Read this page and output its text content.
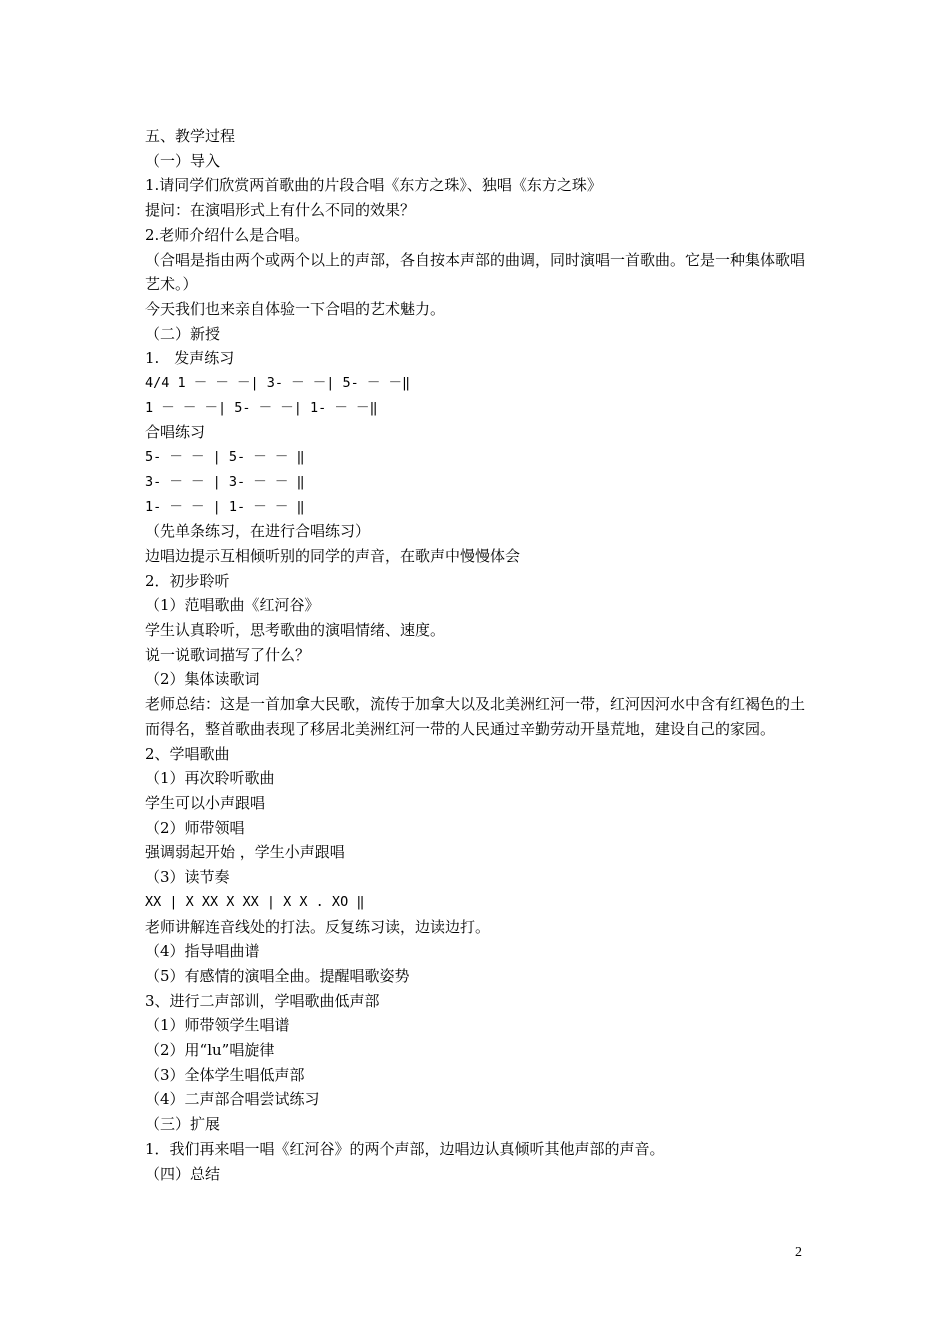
五、教学过程
（一）导入
1.请同学们欣赏两首歌曲的片段合唱《东方之珠》、独唱《东方之珠》
提问：在演唱形式上有什么不同的效果？
2.老师介绍什么是合唱。
（合唱是指由两个或两个以上的声部，各自按本声部的曲调，同时演唱一首歌曲。它是一种集体歌唱艺术。）
今天我们也来亲自体验一下合唱的艺术魅力。
（二）新授
1.　发声练习
4/4 1 － － －| 3- － －| 5- － －‖
1 － － －| 5- － －| 1- － －‖
合唱练习
5- － － | 5- － － ‖
3- － － | 3- － － ‖
1- － － | 1- － － ‖
（先单条练习，在进行合唱练习）
边唱边提示互相倾听别的同学的声音，在歌声中慢慢体会
2．初步聆听
（1）范唱歌曲《红河谷》
学生认真聆听，思考歌曲的演唱情绪、速度。
说一说歌词描写了什么？
（2）集体读歌词
老师总结：这是一首加拿大民歌，流传于加拿大以及北美洲红河一带，红河因河水中含有红褐色的土而得名，整首歌曲表现了移居北美洲红河一带的人民通过辛勤劳动开垦荒地，建设自己的家园。
2、学唱歌曲
（1）再次聆听歌曲
学生可以小声跟唱
（2）师带领唱
强调弱起开始 ，学生小声跟唱
（3）读节奏
XX | X XX X XX | X X . XO ‖
老师讲解连音线处的打法。反复练习读，边读边打。
（4）指导唱曲谱
（5）有感情的演唱全曲。提醒唱歌姿势
3、进行二声部训，学唱歌曲低声部
（1）师带领学生唱谱
（2）用“lu”唱旋律
（3）全体学生唱低声部
（4）二声部合唱尝试练习
（三）扩展
1．我们再来唱一唱《红河谷》的两个声部，边唱边认真倾听其他声部的声音。
（四）总结
2
